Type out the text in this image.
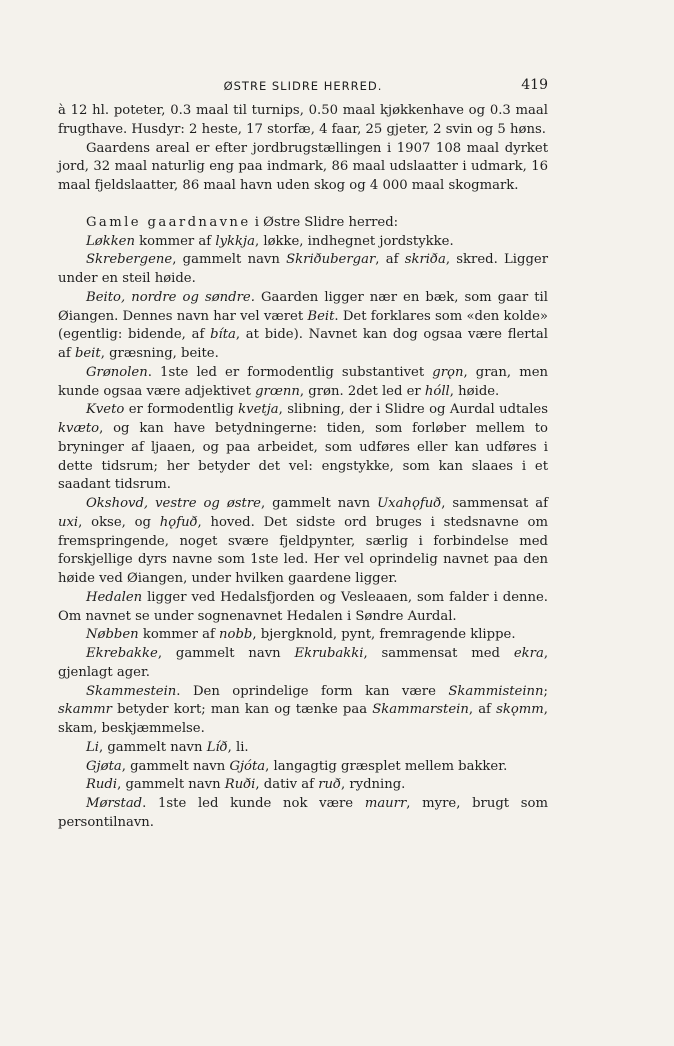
ØSTRE SLIDRE HERRED.	419

à 12 hl. poteter, 0.3 maal til turnips, 0.50 maal kjøkkenhave og 0.3 maal frugthave. Husdyr: 2 heste, 17 storfæ, 4 faar, 25 gjeter, 2 svin og 5 høns.

Gaardens areal er efter jordbrugstællingen i 1907 108 maal dyrket jord, 32 maal naturlig eng paa indmark, 86 maal udslaatter i udmark, 16 maal fjeldslaatter, 86 maal havn uden skog og 4 000 maal skogmark.

Gamle gaardnavne i Østre Slidre herred:

Løkken kommer af lykkja, løkke, indhegnet jordstykke.

Skrebergene, gammelt navn Skriðubergar, af skriða, skred. Ligger under en steil høide.

Beito, nordre og søndre. Gaarden ligger nær en bæk, som gaar til Øiangen. Dennes navn har vel været Beit. Det forklares som «den kolde» (egentlig: bidende, af bíta, at bide). Navnet kan dog ogsaa være flertal af beit, græsning, beite.

Grønolen. 1ste led er formodentlig substantivet grǫn, gran, men kunde ogsaa være adjektivet grœnn, grøn. 2det led er hóll, høide.

Kveto er formodentlig kvetja, slibning, der i Slidre og Aurdal udtales kvæto, og kan have betydningerne: tiden, som forløber mellem to bryninger af ljaaen, og paa arbeidet, som udføres eller kan udføres i dette tidsrum; her betyder det vel: engstykke, som kan slaaes i et saadant tidsrum.

Okshovd, vestre og østre, gammelt navn Uxahǫfuð, sammensat af uxi, okse, og hǫfuð, hoved. Det sidste ord bruges i stedsnavne om fremspringende, noget svære fjeldpynter, særlig i forbindelse med forskjellige dyrs navne som 1ste led. Her vel oprindelig navnet paa den høide ved Øiangen, under hvilken gaardene ligger.

Hedalen ligger ved Hedalsfjorden og Vesleaaen, som falder i denne. Om navnet se under sognenavnet Hedalen i Søndre Aurdal.

Nøbben kommer af nobb, bjergknold, pynt, fremragende klippe.

Ekrebakke, gammelt navn Ekrubakki, sammensat med ekra, gjenlagt ager.

Skammestein. Den oprindelige form kan være Skammisteinn; skammr betyder kort; man kan og tænke paa Skammarstein, af skǫmm, skam, beskjæmmelse.

Li, gammelt navn Líð, li.

Gjøta, gammelt navn Gjóta, langagtig græsplet mellem bakker.

Rudi, gammelt navn Ruði, dativ af ruð, rydning.

Mørstad. 1ste led kunde nok være maurr, myre, brugt som persontilnavn.
